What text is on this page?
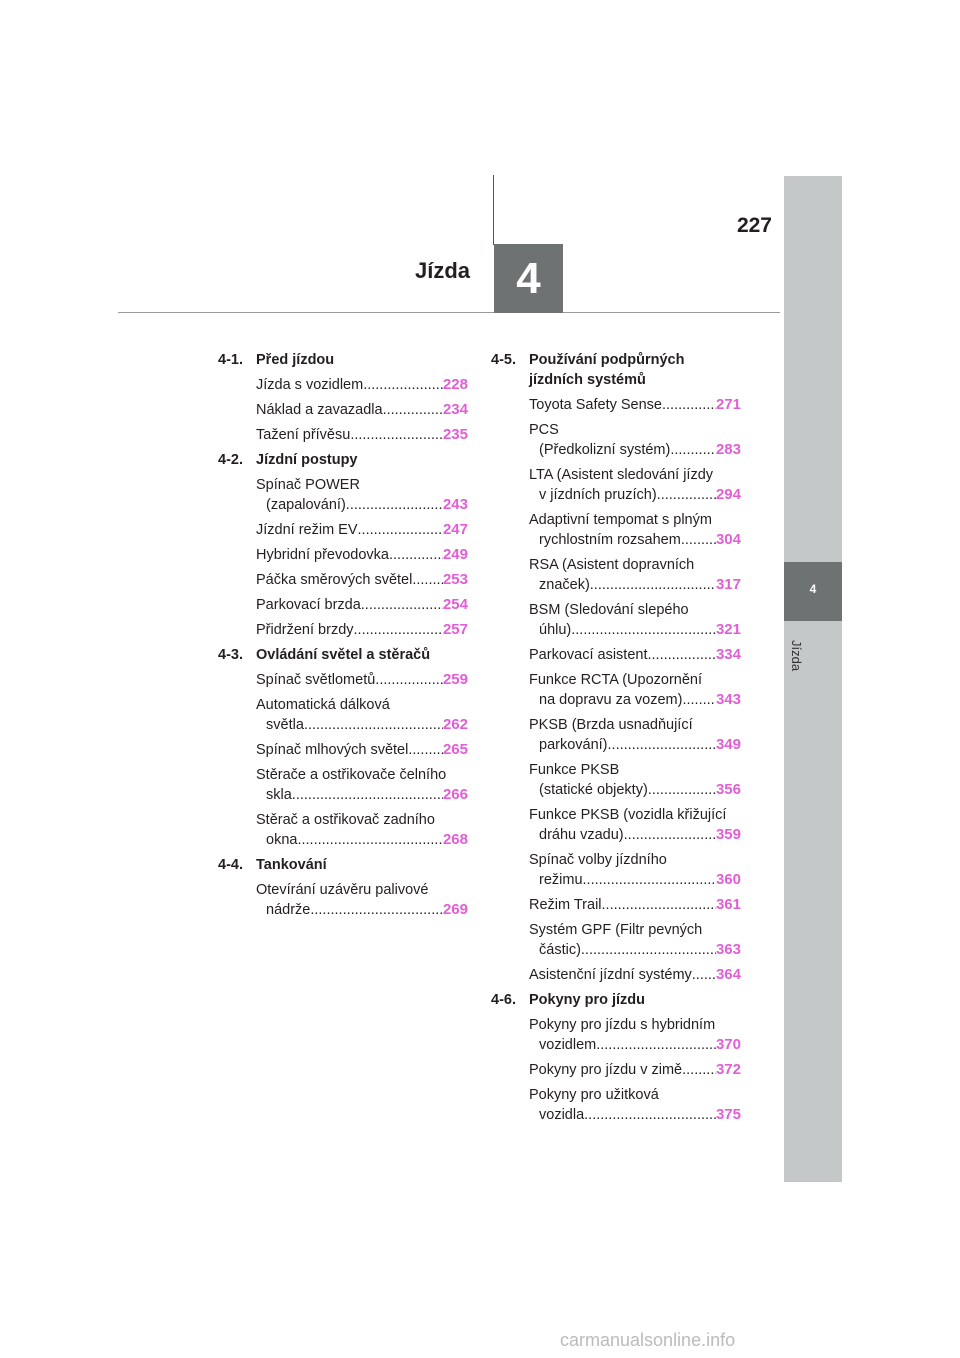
4
Jízda
227
Jízda	4
4-1. Před jízdou
Jízda s vozidlem .....	228
Náklad a zavazadla .....	234
Tažení přívěsu .....	235
4-2. Jízdní postupy
Spínač POWER
(zapalování) .....	243
Jízdní režim EV .....	247
Hybridní převodovka .....	249
Páčka směrových světel ..... 253
Parkovací brzda .....	254
Přidržení brzdy .....	257
4-3. Ovládání světel a stěračů
Spínač světlometů .....	259
Automatická dálková
světla .....	262
Spínač mlhových světel ..... 265
Stěrače a ostřikovače čelního
skla .....	266
Stěrač a ostřikovač zadního
okna .....	268
4-4. Tankování
Otevírání uzávěru palivové
nádrže .....	269
4-5. Používání podpůrných
jízdních systémů
Toyota Safety Sense .....	271
PCS
(Předkolizní systém) .....	283
LTA (Asistent sledování jízdy
v jízdních pruzích) .....	294
Adaptivní tempomat s plným
rychlostním rozsahem ..... 304
RSA (Asistent dopravních
značek) .....	317
BSM (Sledování slepého
úhlu) .....	321
Parkovací asistent .....	334
Funkce RCTA (Upozornění
na dopravu za vozem) ..... 343
PKSB (Brzda usnadňující
parkování) .....	349
Funkce PKSB
(statické objekty) .....	356
Funkce PKSB (vozidla křižující
dráhu vzadu) .....	359
Spínač volby jízdního
režimu .....	360
Režim Trail .....	361
Systém GPF (Filtr pevných
částic) .....	363
Asistenční jízdní systémy ..... 364
4-6. Pokyny pro jízdu
Pokyny pro jízdu s hybridním
vozidlem .....	370
Pokyny pro jízdu v zimě ..... 372
Pokyny pro užitková
vozidla .....	375
carmanualsonline.info
